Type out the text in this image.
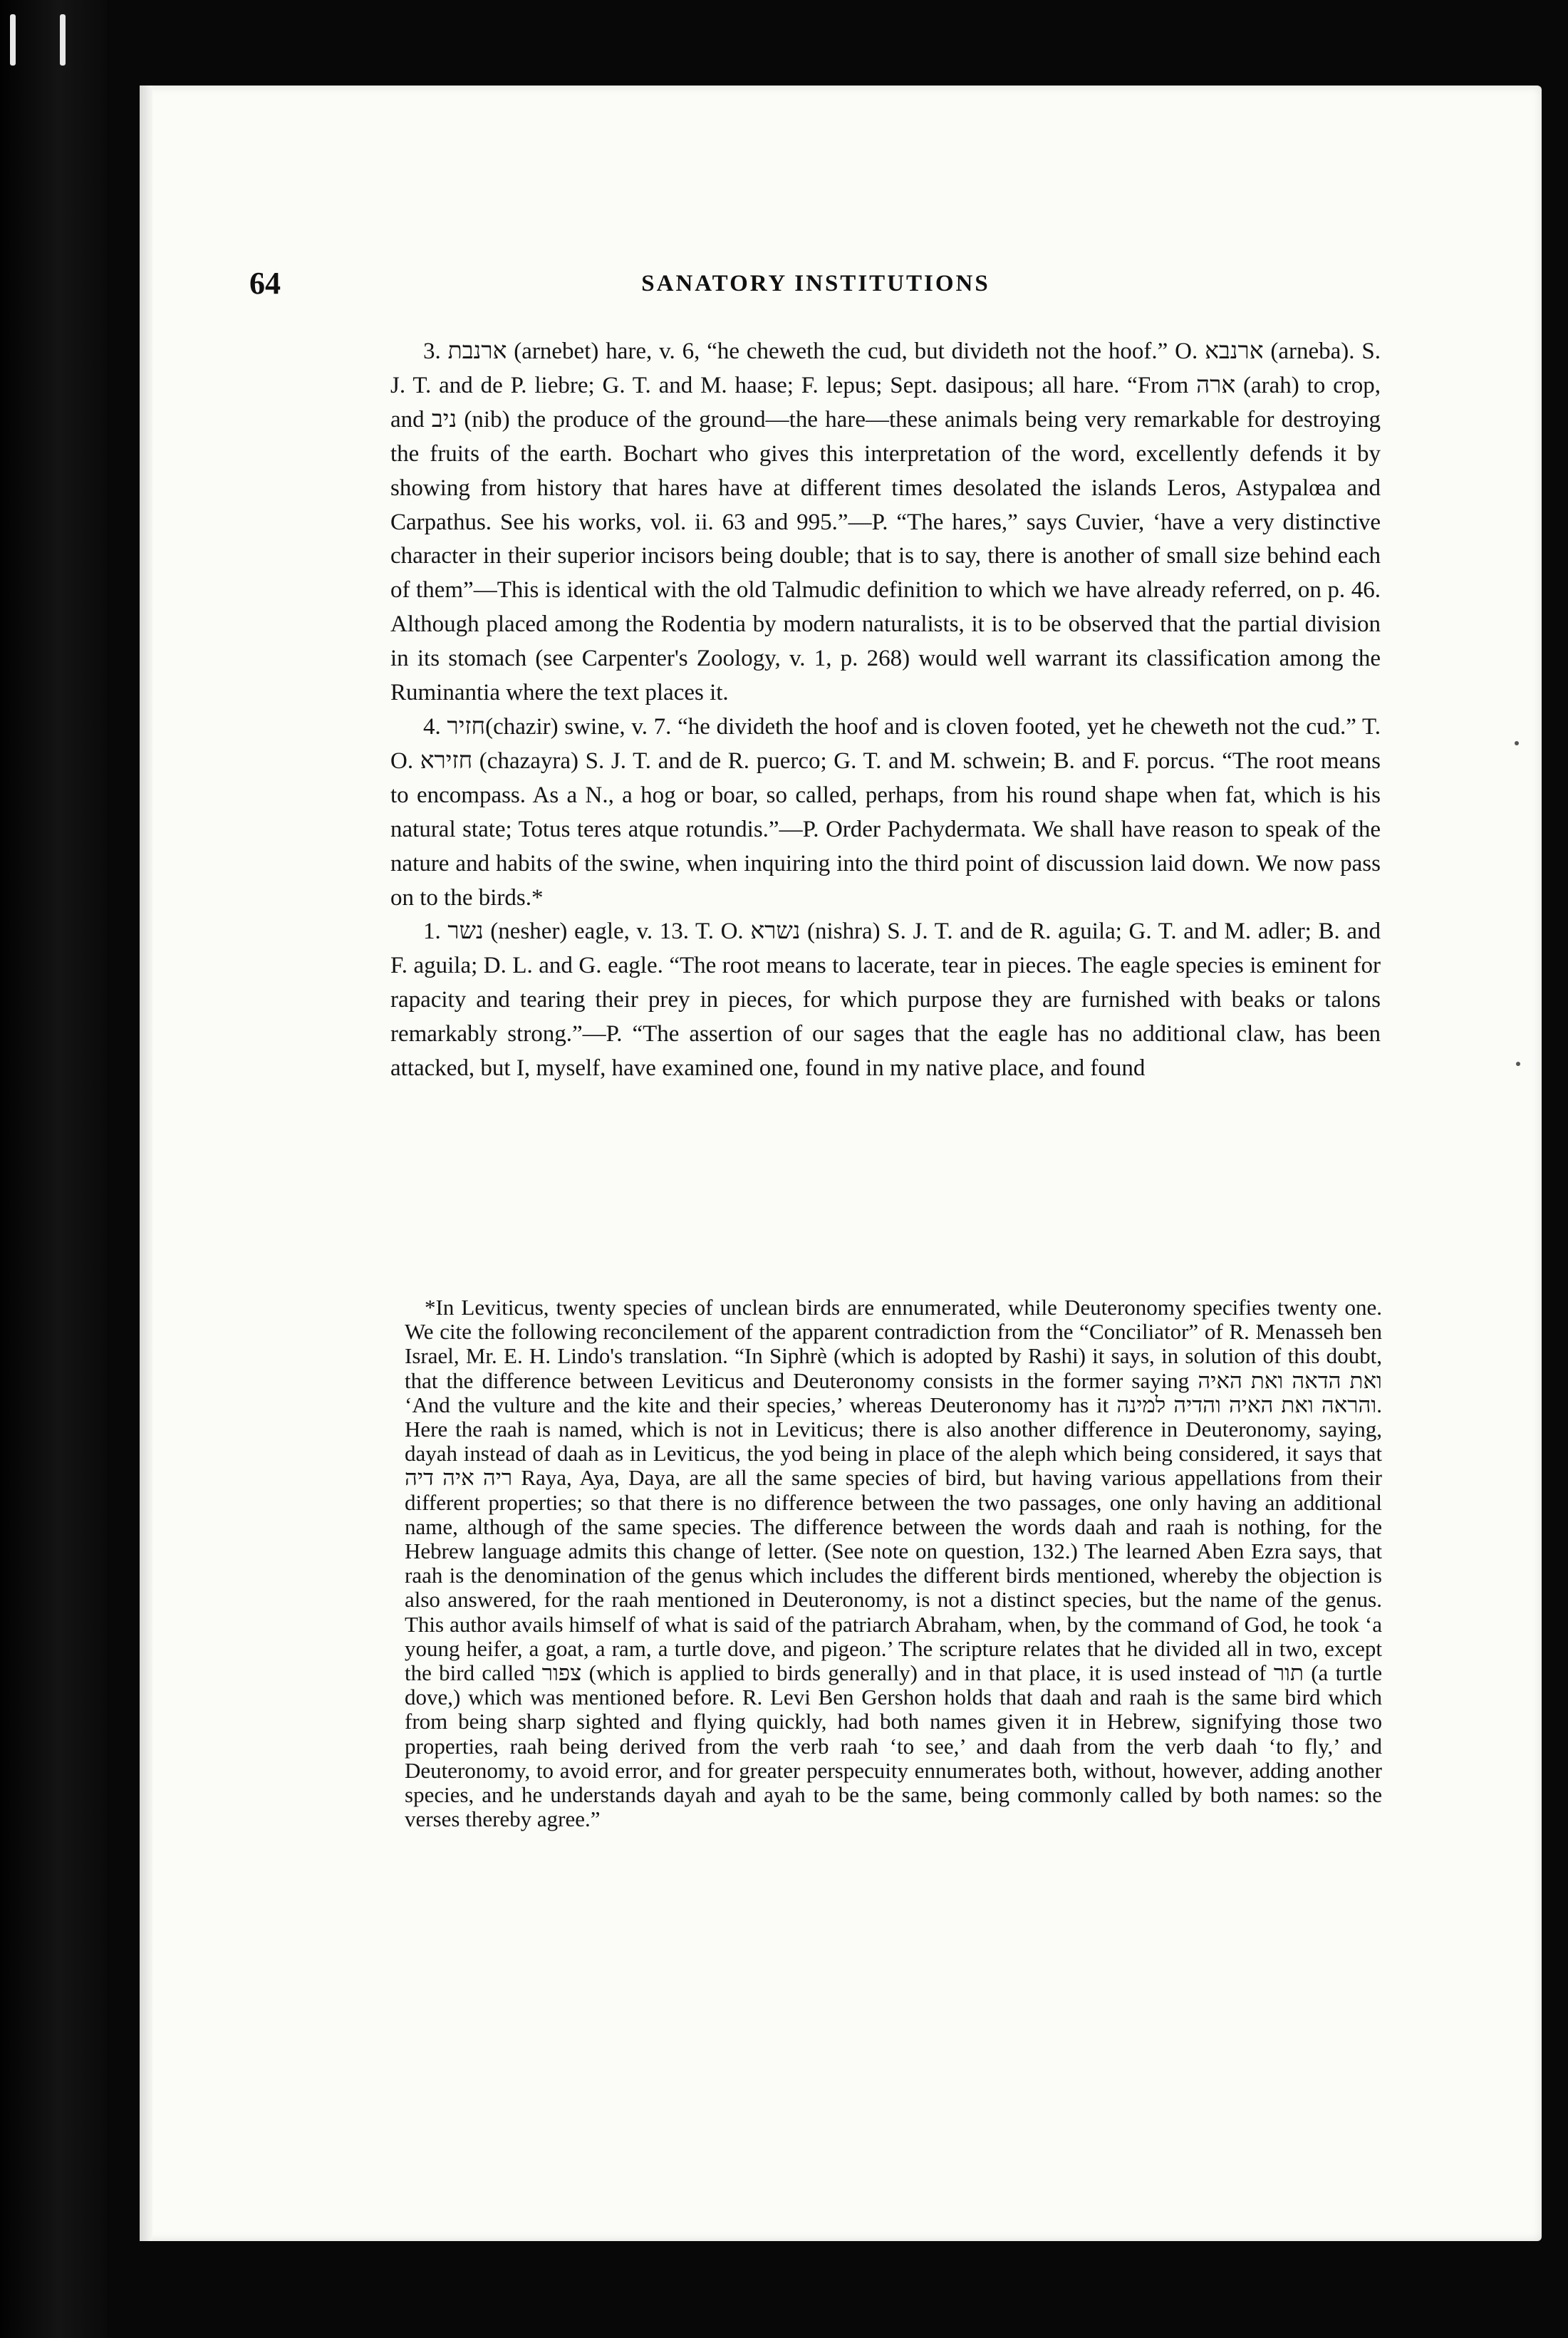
64	SANATORY INSTITUTIONS

3. ארנבת (arnebet) hare, v. 6, “he cheweth the cud, but divideth not the hoof.” O. ארנבא (arneba). S. J. T. and de P. liebre; G. T. and M. haase; F. lepus; Sept. dasipous; all hare. “From ארה (arah) to crop, and ניב (nib) the produce of the ground—the hare—these animals being very remarkable for destroying the fruits of the earth. Bochart who gives this interpretation of the word, excellently defends it by showing from history that hares have at different times desolated the islands Leros, Astypalœa and Carpathus. See his works, vol. ii. 63 and 995.”—P. “The hares,” says Cuvier, ‘have a very distinctive character in their superior incisors being double; that is to say, there is another of small size behind each of them”—This is identical with the old Talmudic definition to which we have already referred, on p. 46. Although placed among the Rodentia by modern naturalists, it is to be observed that the partial division in its stomach (see Carpenter's Zoology, v. 1, p. 268) would well warrant its classification among the Ruminantia where the text places it.

4. חזיר(chazir) swine, v. 7. “he divideth the hoof and is cloven footed, yet he cheweth not the cud.” T. O. חזירא (chazayra) S. J. T. and de R. puerco; G. T. and M. schwein; B. and F. porcus. “The root means to encompass. As a N., a hog or boar, so called, perhaps, from his round shape when fat, which is his natural state; Totus teres atque rotundis.”—P. Order Pachydermata. We shall have reason to speak of the nature and habits of the swine, when inquiring into the third point of discussion laid down. We now pass on to the birds.*

1. נשר (nesher) eagle, v. 13. T. O. נשרא (nishra) S. J. T. and de R. aguila; G. T. and M. adler; B. and F. aguila; D. L. and G. eagle. “The root means to lacerate, tear in pieces. The eagle species is eminent for rapacity and tearing their prey in pieces, for which purpose they are furnished with beaks or talons remarkably strong.”—P. “The assertion of our sages that the eagle has no additional claw, has been attacked, but I, myself, have examined one, found in my native place, and found

*In Leviticus, twenty species of unclean birds are ennumerated, while Deuteronomy specifies twenty one. We cite the following reconcilement of the apparent contradiction from the “Conciliator” of R. Menasseh ben Israel, Mr. E. H. Lindo's translation. “In Siphrè (which is adopted by Rashi) it says, in solution of this doubt, that the difference between Leviticus and Deuteronomy consists in the former saying ואת הדאה ואת האיה ‘And the vulture and the kite and their species,’ whereas Deuteronomy has it והראה ואת האיה והדיה למינה. Here the raah is named, which is not in Leviticus; there is also another difference in Deuteronomy, saying, dayah instead of daah as in Leviticus, the yod being in place of the aleph which being considered, it says that ריה איה דיה Raya, Aya, Daya, are all the same species of bird, but having various appellations from their different properties; so that there is no difference between the two passages, one only having an additional name, although of the same species. The difference between the words daah and raah is nothing, for the Hebrew language admits this change of letter. (See note on question, 132.) The learned Aben Ezra says, that raah is the denomination of the genus which includes the different birds mentioned, whereby the objection is also answered, for the raah mentioned in Deuteronomy, is not a distinct species, but the name of the genus. This author avails himself of what is said of the patriarch Abraham, when, by the command of God, he took ‘a young heifer, a goat, a ram, a turtle dove, and pigeon.’ The scripture relates that he divided all in two, except the bird called צפור (which is applied to birds generally) and in that place, it is used instead of תור (a turtle dove,) which was mentioned before. R. Levi Ben Gershon holds that daah and raah is the same bird which from being sharp sighted and flying quickly, had both names given it in Hebrew, signifying those two properties, raah being derived from the verb raah ‘to see,’ and daah from the verb daah ‘to fly,’ and Deuteronomy, to avoid error, and for greater perspecuity ennumerates both, without, however, adding another species, and he understands dayah and ayah to be the same, being commonly called by both names: so the verses thereby agree.”
